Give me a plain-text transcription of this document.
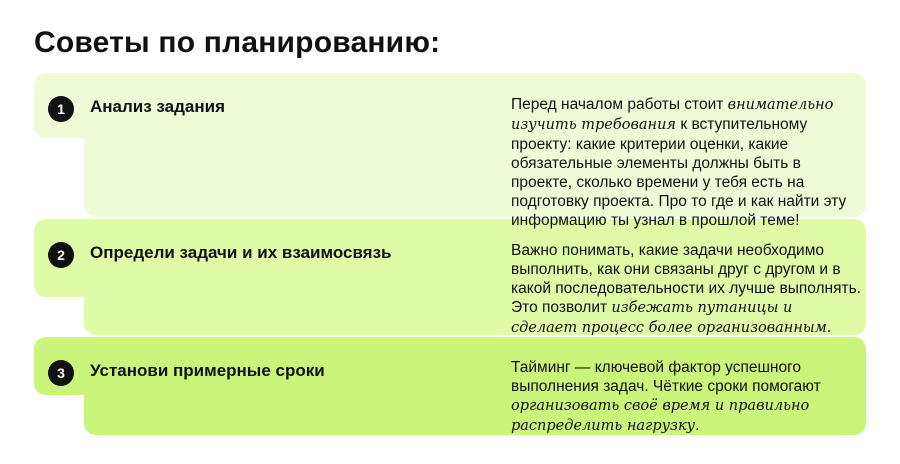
Советы по планированию:
1	Анализ задания	Перед началом работы стоит внимательно изучить требования к вступительному проекту: какие критерии оценки, какие обязательные элементы должны быть в проекте, сколько времени у тебя есть на подготовку проекта. Про то где и как найти эту информацию ты узнал в прошлой теме!
2	Определи задачи и их взаимосвязь	Важно понимать, какие задачи необходимо выполнить, как они связаны друг с другом и в какой последовательности их лучше выполнять. Это позволит избежать путаницы и сделает процесс более организованным.
3	Установи примерные сроки	Тайминг — ключевой фактор успешного выполнения задач. Чёткие сроки помогают организовать своё время и правильно распределить нагрузку.
